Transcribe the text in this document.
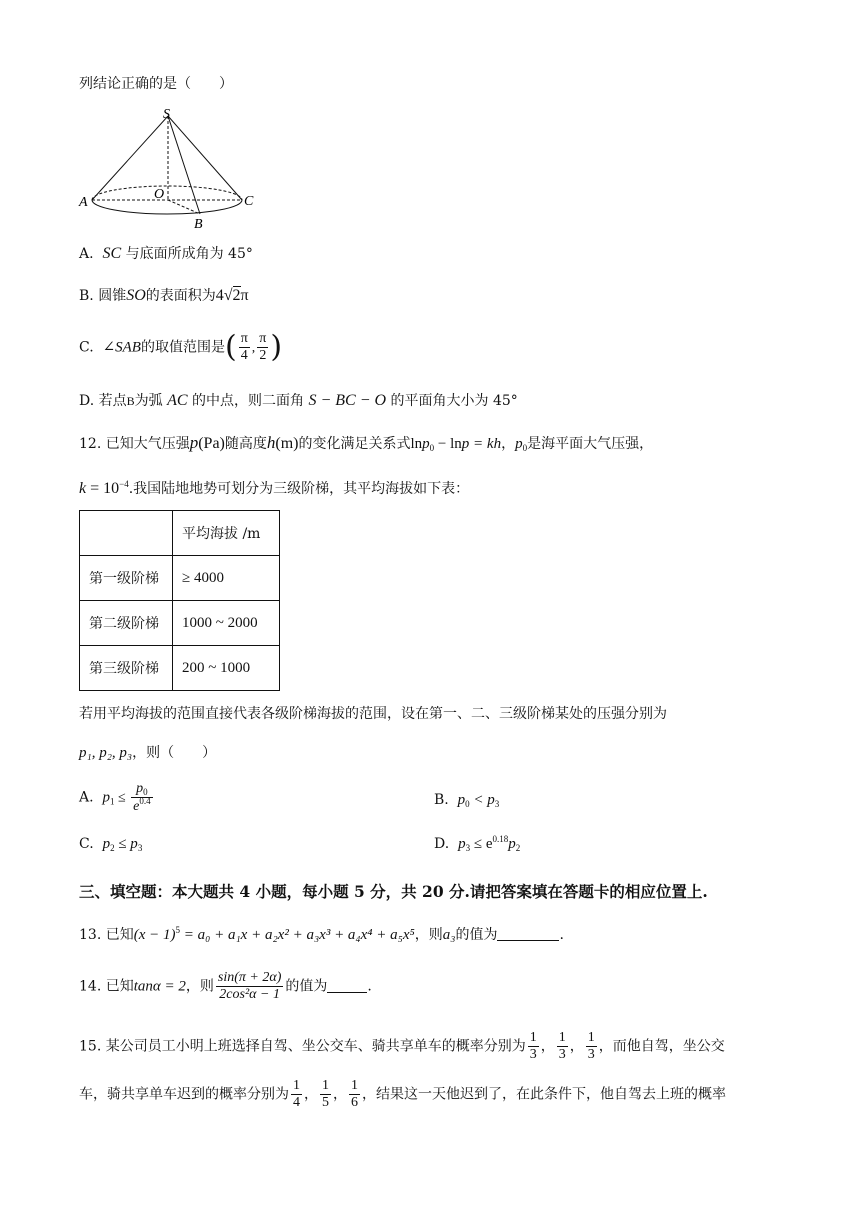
列结论正确的是（　　）
S
O
A
B
C
A. SC 与底面所成角为 45°
B. 圆锥SO的表面积为4√2π
C. ∠SAB的取值范围是( $\frac{\pi}{4}$ , $\frac{\pi}{2}$ )
D. 若点B为弧 AC 的中点，则二面角 S − BC − O 的平面角大小为 45°
12. 已知大气压强p(Pa)随高度h(m)的变化满足关系式lnp$_0$ − lnp = kh，$p_0$是海平面大气压强，
$k = 10^{-4}$.我国陆地地势可划分为三级阶梯，其平均海拔如下表：
	平均海拔 /m
第一级阶梯	≥ 4000
第二级阶梯	1000 ~ 2000
第三级阶梯	200 ~ 1000
若用平均海拔的范围直接代表各级阶梯海拔的范围，设在第一、二、三级阶梯某处的压强分别为
p₁, p₂, p₃，则（　　）
A. $p_1 \le \frac{p_0}{e^{0.4}}$	B. $p_0 < p_3$
C. $p_2 \le p_3$	D. $p_3 \le e^{0.18}p_2$
三、填空题：本大题共 4 小题，每小题 5 分，共 20 分.请把答案填在答题卡的相应位置上.
13. 已知$(x - 1)^5 = a_0 + a_1x + a_2x^2 + a_3x^3 + a_4x^4 + a_5x^5$，则a₃的值为	.
14. 已知tanα = 2，则 $\frac{\sin(\pi + 2\alpha)}{\text{2cos²α − 1}}$ 的值为	.
15. 某公司员工小明上班选择自驾、坐公交车、骑共享单车的概率分别为 $\frac{1}{3}$ ， $\frac{1}{3}$ ， $\frac{1}{3}$ ，而他自驾，坐公交
车，骑共享单车迟到的概率分别为 $\frac{1}{4}$ ， $\frac{1}{5}$ ， $\frac{1}{6}$ ，结果这一天他迟到了，在此条件下，他自驾去上班的概率
